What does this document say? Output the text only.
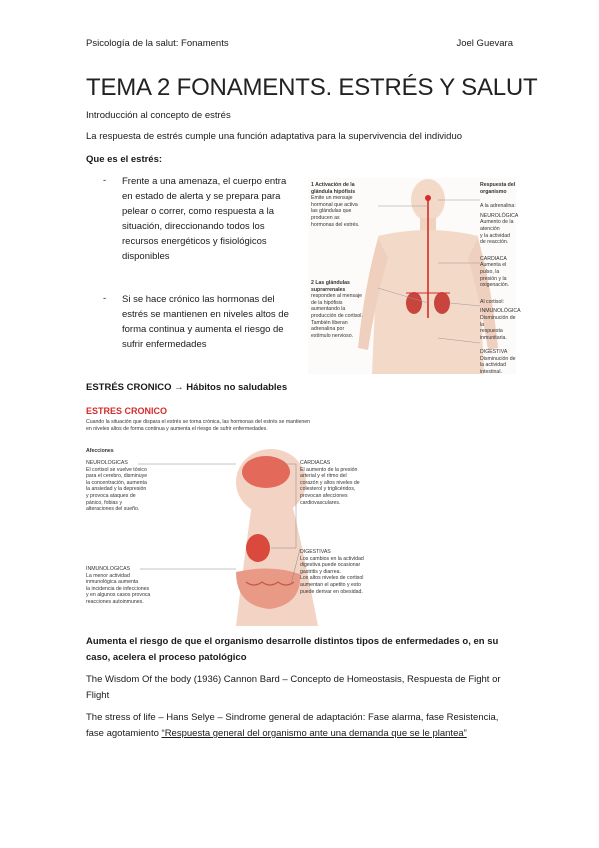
Psicología de la salut: Fonaments	Joel Guevara
TEMA 2 FONAMENTS. ESTRÉS Y SALUT
Introducción al concepto de estrés
La respuesta de estrés cumple una función adaptativa para la supervivencia del individuo
Que es el estrés:
- Frente a una amenaza, el cuerpo entra
en estado de alerta y se prepara para
pelear o correr, como respuesta a la
situación, direccionando todos los
recursos energéticos y fisiológicos
disponibles
- Si se hace crónico las hormonas del
estrés se mantienen en niveles altos de
forma continua y aumenta el riesgo de
sufrir enfermedades
1 Activación de la glándula hipófisis
Emite un mensaje
hormonal que activa
las glándulas que
producen as
hormonas del estrés.
2 Las glándulas suprarrenales
responden al mensaje
de la hipófisis
aumentando la
producción de cortisol.
También liberan
adrenalina por
estímulo nervioso.
Respuesta del organismo
A la adrenalina:
NEUROLÓGICA
Aumento de la atención
y la actividad de reacción.
CARDIACA
Aumenta el pulso, la
presión y la oxigenación.
Al cortisol:
INMUNOLÓGICA
Disminución de la
respuesta inmunitaria.
DIGESTIVA
Disminución de
la actividad intestinal.
ESTRÉS CRONICO → Hábitos no saludables
ESTRES CRONICO
Cuando la situación que dispara el estrés se torna crónica, las hormonas del estrés se mantienen
en niveles altos de forma continua y aumenta el riesgo de sufrir enfermedades.
Afecciones
NEUROLOGICAS
El cortisol se vuelve tóxico
para el cerebro, disminuye
la concentración, aumenta
la ansiedad y la depresión
y provoca ataques de
pánico, fobias y
alteraciones del sueño.
INMUNOLOGICAS
La menor actividad
inmunológica aumenta
la incidencia de infecciones
y en algunos casos provoca
reacciones autoinmunes.
CARDIACAS
El aumento de la presión
arterial y el ritmo del
corazón y altos niveles de
colesterol y triglicéridos,
provocan afecciones
cardiovasculares.
DIGESTIVAS
Los cambios en la actividad
digestiva puede ocasionar
gastritis y diarrea.
Los altos niveles de cortisol
aumentan el apetito y esto
puede derivar en obesidad.
Aumenta el riesgo de que el organismo desarrolle distintos tipos de enfermedades o, en su caso, acelera el proceso patológico
The Wisdom Of the body (1936) Cannon Bard – Concepto de Homeostasis, Respuesta de Fight or Flight
The stress of life – Hans Selye – Sindrome general de adaptación: Fase alarma, fase Resistencia, fase agotamiento “Respuesta general del organismo ante una demanda que se le plantea”
